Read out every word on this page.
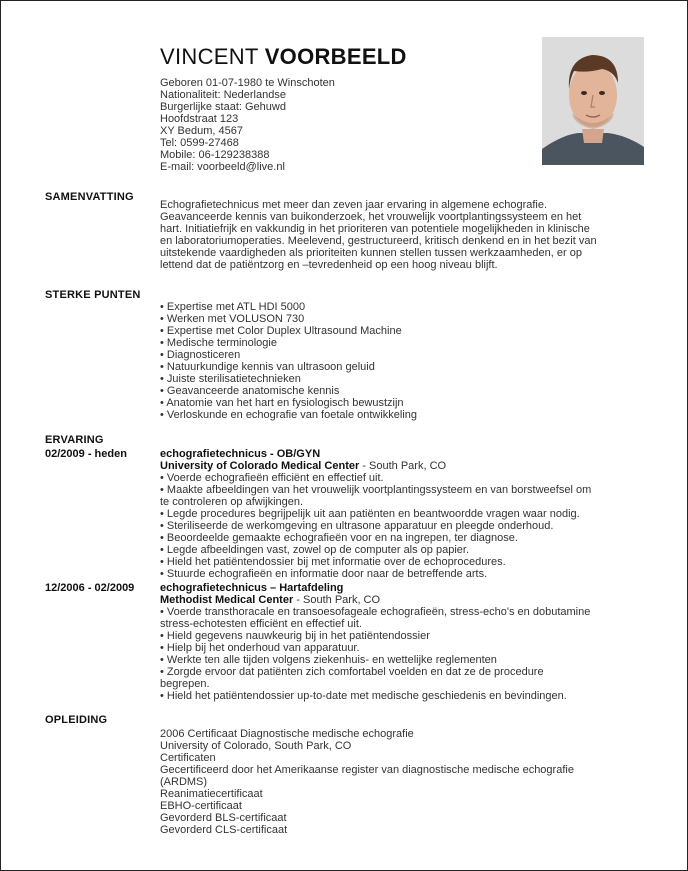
VINCENT VOORBEELD
Geboren 01-07-1980 te Winschoten
Nationaliteit: Nederlandse
Burgerlijke staat: Gehuwd
Hoofdstraat 123
XY Bedum, 4567
Tel: 0599-27468
Mobile: 06-129238388
E-mail: voorbeeld@live.nl
SAMENVATTING
Echografietechnicus met meer dan zeven jaar ervaring in algemene echografie.
Geavanceerde kennis van buikonderzoek, het vrouwelijk voortplantingssysteem en het
hart. Initiatiefrijk en vakkundig in het prioriteren van potentiele mogelijkheden in klinische
en laboratoriumoperaties. Meelevend, gestructureerd, kritisch denkend en in het bezit van
uitstekende vaardigheden als prioriteiten kunnen stellen tussen werkzaamheden, er op
lettend dat de patiëntzorg en –tevredenheid op een hoog niveau blijft.
STERKE PUNTEN
• Expertise met ATL HDI 5000
• Werken met VOLUSON 730
• Expertise met Color Duplex Ultrasound Machine
• Medische terminologie
• Diagnosticeren
• Natuurkundige kennis van ultrasoon geluid
• Juiste sterilisatietechnieken
• Geavanceerde anatomische kennis
• Anatomie van het hart en fysiologisch bewustzijn
• Verloskunde en echografie van foetale ontwikkeling
ERVARING
02/2009 - heden	echografietechnicus - OB/GYN
University of Colorado Medical Center - South Park, CO
• Voerde echografieën efficiënt en effectief uit.
• Maakte afbeeldingen van het vrouwelijk voortplantingssysteem en van borstweefsel om
te controleren op afwijkingen.
• Legde procedures begrijpelijk uit aan patiënten en beantwoordde vragen waar nodig.
• Steriliseerde de werkomgeving en ultrasone apparatuur en pleegde onderhoud.
• Beoordeelde gemaakte echografieën voor en na ingrepen, ter diagnose.
• Legde afbeeldingen vast, zowel op de computer als op papier.
• Hield het patiëntendossier bij met informatie over de echoprocedures.
• Stuurde echografieën en informatie door naar de betreffende arts.
12/2006 - 02/2009 echografietechnicus – Hartafdeling
Methodist Medical Center - South Park, CO
• Voerde transthoracale en transoesofageale echografieën, stress-echo's en dobutamine
stress-echotesten efficiënt en effectief uit.
• Hield gegevens nauwkeurig bij in het patiëntendossier
• Hielp bij het onderhoud van apparatuur.
• Werkte ten alle tijden volgens ziekenhuis- en wettelijke reglementen
• Zorgde ervoor dat patiënten zich comfortabel voelden en dat ze de procedure
begrepen.
• Hield het patiëntendossier up-to-date met medische geschiedenis en bevindingen.
OPLEIDING
2006 Certificaat Diagnostische medische echografie
University of Colorado, South Park, CO
Certificaten
Gecertificeerd door het Amerikaanse register van diagnostische medische echografie
(ARDMS)
Reanimatiecertificaat
EBHO-certificaat
Gevorderd BLS-certificaat
Gevorderd CLS-certificaat
